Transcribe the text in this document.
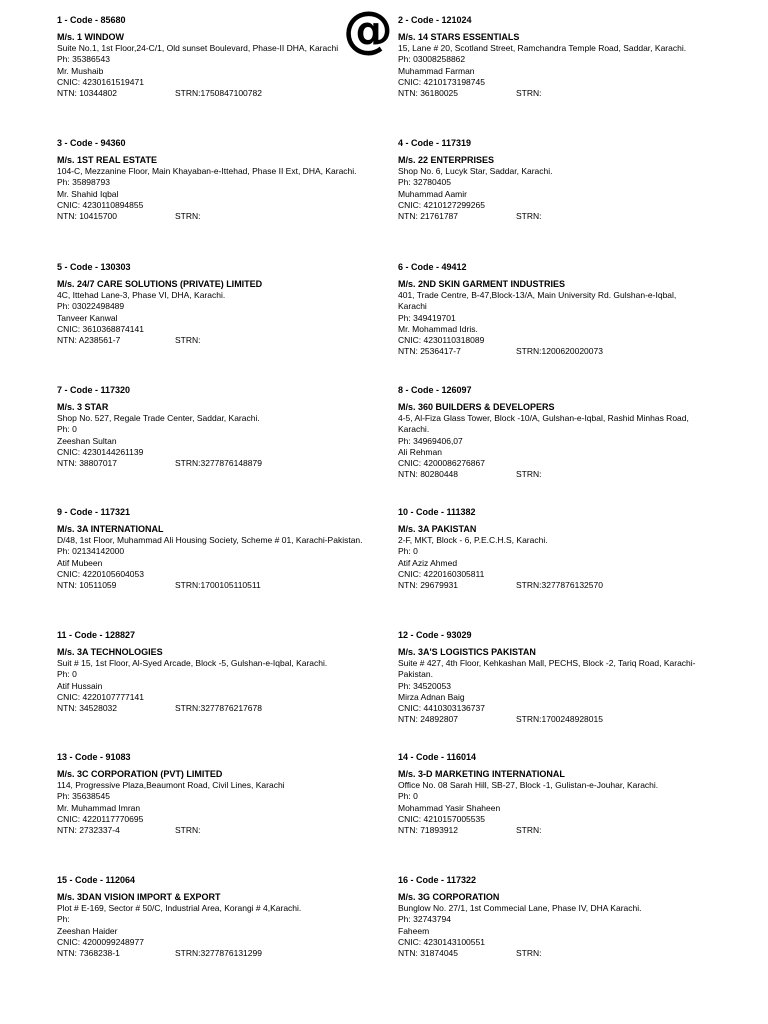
@
1 - Code - 85680
M/s. 1 WINDOW
Suite No.1, 1st Floor,24-C/1, Old sunset Boulevard, Phase-II DHA, Karachi
Ph: 35386543
Mr. Mushaib
CNIC: 4230161519471
NTN: 10344802	STRN:1750847100782
2 - Code - 121024
M/s. 14 STARS ESSENTIALS
15, Lane # 20, Scotland Street, Ramchandra Temple Road, Saddar, Karachi.
Ph: 03008258862
Muhammad Farman
CNIC: 4210173198745
NTN: 36180025	STRN:
3 - Code - 94360
M/s. 1ST REAL ESTATE
104-C, Mezzanine Floor, Main Khayaban-e-Ittehad, Phase II Ext, DHA, Karachi.
Ph: 35898793
Mr. Shahid Iqbal
CNIC: 4230110894855
NTN: 10415700	STRN:
4 - Code - 117319
M/s. 22 ENTERPRISES
Shop No. 6, Lucyk Star, Saddar, Karachi.
Ph: 32780405
Muhammad Aamir
CNIC: 4210127299265
NTN: 21761787	STRN:
5 - Code - 130303
M/s. 24/7 CARE SOLUTIONS (PRIVATE) LIMITED
4C, Ittehad Lane-3, Phase VI, DHA, Karachi.
Ph: 03022498489
Tanveer Kanwal
CNIC: 3610368874141
NTN: A238561-7	STRN:
6 - Code - 49412
M/s. 2ND SKIN GARMENT INDUSTRIES
401, Trade Centre, B-47,Block-13/A, Main University Rd. Gulshan-e-Iqbal, Karachi
Ph: 349419701
Mr. Mohammad Idris.
CNIC: 4230110318089
NTN: 2536417-7	STRN:1200620020073
7 - Code - 117320
M/s. 3 STAR
Shop No. 527, Regale Trade Center, Saddar, Karachi.
Ph: 0
Zeeshan Sultan
CNIC: 4230144261139
NTN: 38807017	STRN:3277876148879
8 - Code - 126097
M/s. 360 BUILDERS & DEVELOPERS
4-5, Al-Fiza Glass Tower, Block -10/A, Gulshan-e-Iqbal, Rashid Minhas Road, Karachi.
Ph: 34969406,07
Ali Rehman
CNIC: 4200086276867
NTN: 80280448	STRN:
9 - Code - 117321
M/s. 3A INTERNATIONAL
D/48, 1st Floor, Muhammad Ali Housing Society, Scheme # 01, Karachi-Pakistan.
Ph: 02134142000
Atif Mubeen
CNIC: 4220105604053
NTN: 10511059	STRN:1700105110511
10 - Code - 111382
M/s. 3A PAKISTAN
2-F, MKT, Block - 6, P.E.C.H.S, Karachi.
Ph: 0
Atif Aziz Ahmed
CNIC: 4220160305811
NTN: 29679931	STRN:3277876132570
11 - Code - 128827
M/s. 3A TECHNOLOGIES
Suit # 15, 1st Floor, Al-Syed Arcade, Block -5, Gulshan-e-Iqbal, Karachi.
Ph: 0
Atif Hussain
CNIC: 4220107777141
NTN: 34528032	STRN:3277876217678
12 - Code - 93029
M/s. 3A'S LOGISTICS PAKISTAN
Suite # 427, 4th Floor, Kehkashan Mall, PECHS, Block -2, Tariq Road, Karachi-Pakistan.
Ph: 34520053
Mirza Adnan Baig
CNIC: 4410303136737
NTN: 24892807	STRN:1700248928015
13 - Code - 91083
M/s. 3C CORPORATION (PVT) LIMITED
114, Progressive Plaza,Beaumont Road, Civil Lines, Karachi
Ph: 35638545
Mr. Muhammad Imran
CNIC: 4220117770695
NTN: 2732337-4	STRN:
14 - Code - 116014
M/s. 3-D MARKETING INTERNATIONAL
Office No. 08 Sarah Hill, SB-27, Block -1, Gulistan-e-Jouhar, Karachi.
Ph: 0
Mohammad Yasir Shaheen
CNIC: 4210157005535
NTN: 71893912	STRN:
15 - Code - 112064
M/s. 3DAN VISION IMPORT & EXPORT
Plot # E-169, Sector # 50/C, Industrial Area, Korangi # 4,Karachi.
Ph:
Zeeshan Haider
CNIC: 4200099248977
NTN: 7368238-1	STRN:3277876131299
16 - Code - 117322
M/s. 3G CORPORATION
Bunglow No. 27/1, 1st Commecial Lane, Phase IV, DHA Karachi.
Ph: 32743794
Faheem
CNIC: 4230143100551
NTN: 31874045	STRN:
